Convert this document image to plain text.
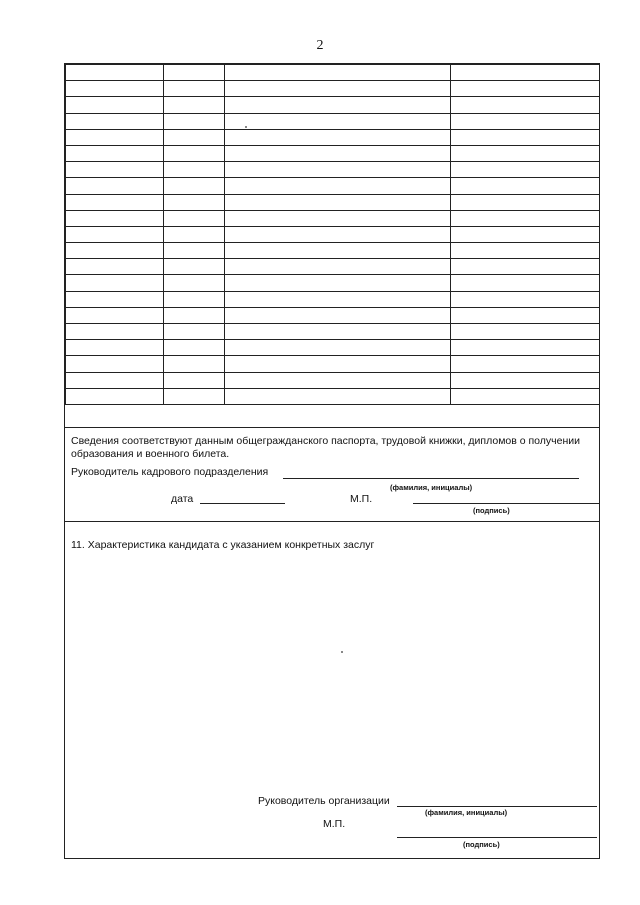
2

Сведения соответствуют данным общегражданского паспорта, трудовой книжки, дипломов о получении образования и военного билета.
Руководитель кадрового подразделения
(фамилия, инициалы)
дата	М.П.
(подпись)
11. Характеристика кандидата с указанием конкретных заслуг
Руководитель организации
(фамилия, инициалы)
М.П.
(подпись)
